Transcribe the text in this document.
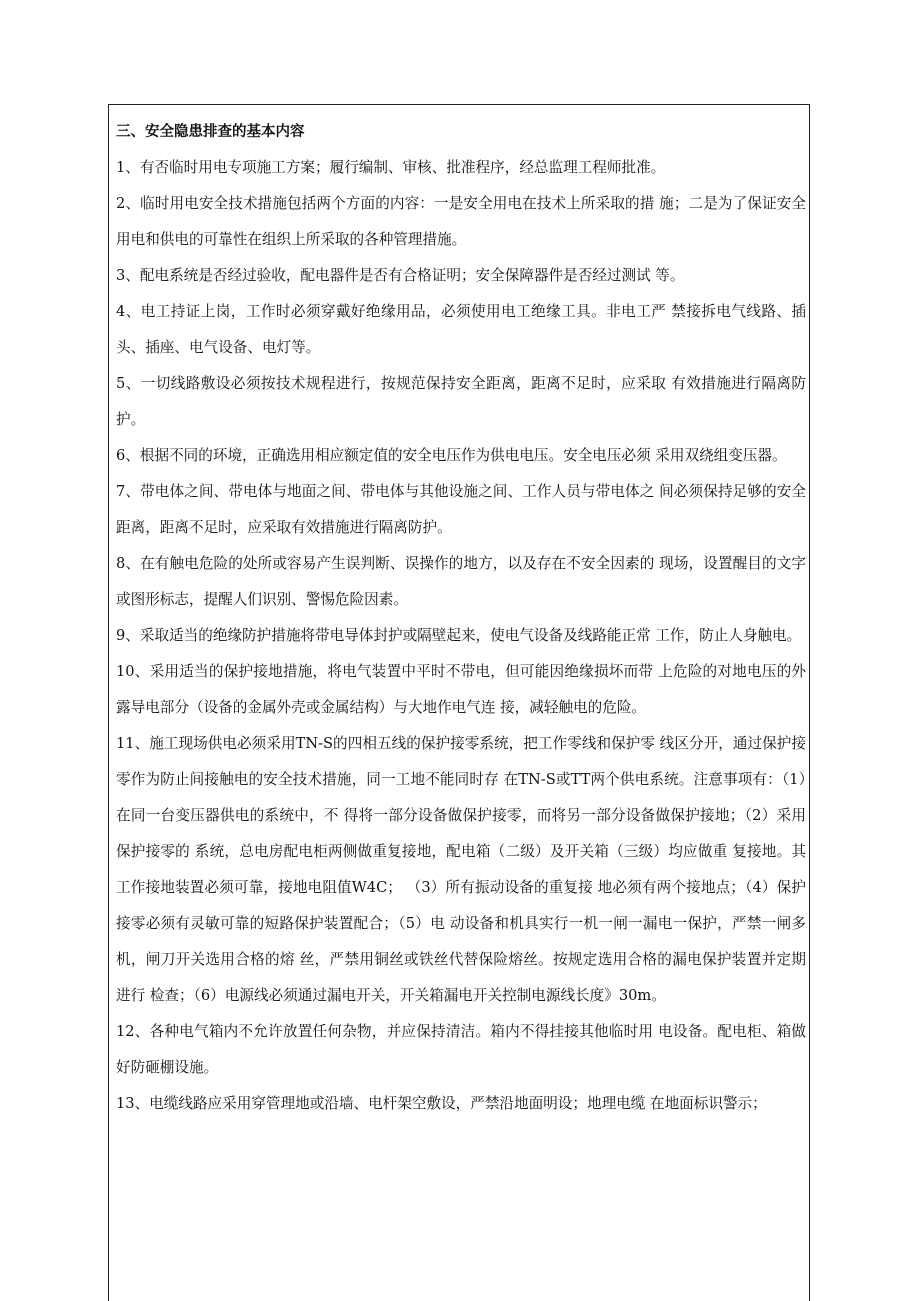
三、安全隐患排查的基本内容
1、有否临时用电专项施工方案；履行编制、审核、批准程序，经总监理工程师批准。
2、临时用电安全技术措施包括两个方面的内容：一是安全用电在技术上所采取的措 施；二是为了保证安全用电和供电的可靠性在组织上所采取的各种管理措施。
3、配电系统是否经过验收，配电器件是否有合格证明；安全保障器件是否经过测试 等。
4、电工持证上岗，工作时必须穿戴好绝缘用品，必须使用电工绝缘工具。非电工严 禁接拆电气线路、插头、插座、电气设备、电灯等。
5、一切线路敷设必须按技术规程进行，按规范保持安全距离，距离不足时，应采取 有效措施进行隔离防护。
6、根据不同的环境，正确选用相应额定值的安全电压作为供电电压。安全电压必须 采用双绕组变压器。
7、带电体之间、带电体与地面之间、带电体与其他设施之间、工作人员与带电体之 间必须保持足够的安全距离，距离不足时，应采取有效措施进行隔离防护。
8、在有触电危险的处所或容易产生误判断、误操作的地方，以及存在不安全因素的 现场，设置醒目的文字或图形标志，提醒人们识别、警惕危险因素。
9、采取适当的绝缘防护措施将带电导体封护或隔壁起来，使电气设备及线路能正常 工作，防止人身触电。
10、采用适当的保护接地措施，将电气装置中平时不带电，但可能因绝缘损坏而带 上危险的对地电压的外露导电部分（设备的金属外壳或金属结构）与大地作电气连 接，减轻触电的危险。
11、施工现场供电必须采用TN-S的四相五线的保护接零系统，把工作零线和保护零 线区分开，通过保护接零作为防止间接触电的安全技术措施，同一工地不能同时存 在TN-S或TT两个供电系统。注意事项有：（1）在同一台变压器供电的系统中，不 得将一部分设备做保护接零，而将另一部分设备做保护接地；（2）采用保护接零的 系统，总电房配电柜两侧做重复接地，配电箱（二级）及开关箱（三级）均应做重 复接地。其工作接地装置必须可靠，接地电阻值W4C； （3）所有振动设备的重复接 地必须有两个接地点；（4）保护接零必须有灵敏可靠的短路保护装置配合；（5）电 动设备和机具实行一机一闸一漏电一保护，严禁一闸多机，闸刀开关选用合格的熔 丝，严禁用铜丝或铁丝代替保险熔丝。按规定选用合格的漏电保护装置并定期进行 检查；（6）电源线必须通过漏电开关，开关箱漏电开关控制电源线长度》30m。
12、各种电气箱内不允许放置任何杂物，并应保持清洁。箱内不得挂接其他临时用 电设备。配电柜、箱做好防砸棚设施。
13、电缆线路应采用穿管理地或沿墙、电杆架空敷设，严禁沿地面明设；地理电缆 在地面标识警示；
